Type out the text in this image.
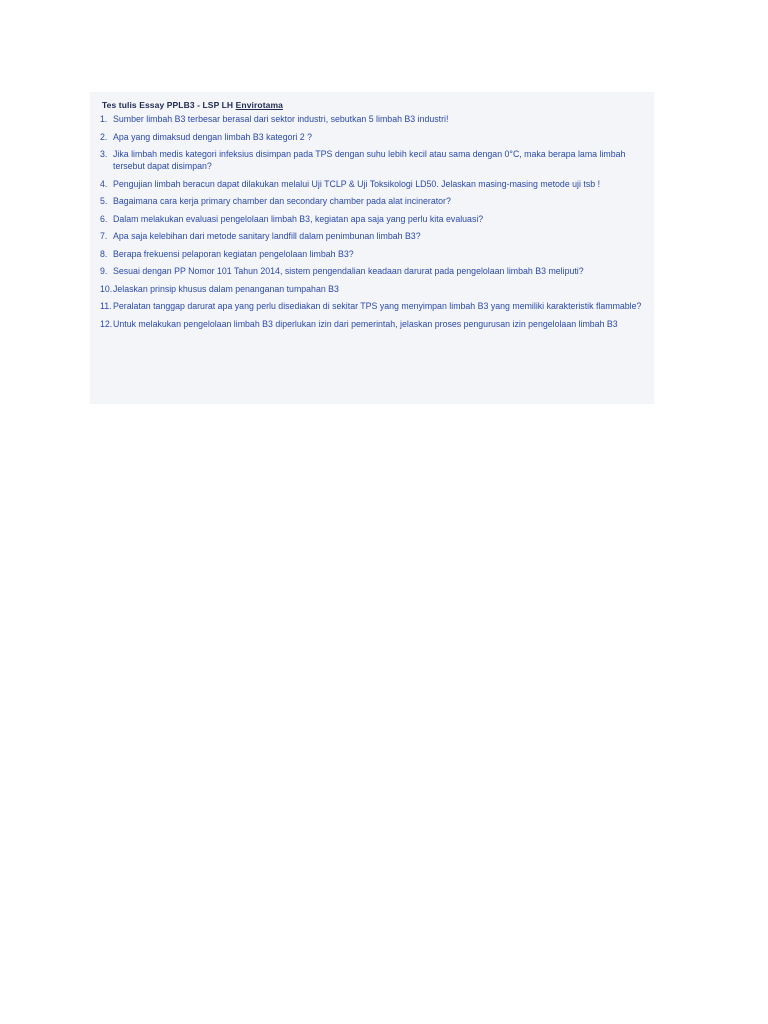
Tes tulis Essay PPLB3 - LSP LH Envirotama
1. Sumber limbah B3 terbesar berasal dari sektor industri, sebutkan 5 limbah B3 industri!
2. Apa yang dimaksud dengan limbah B3 kategori 2 ?
3. Jika limbah medis kategori infeksius disimpan pada TPS dengan suhu lebih kecil atau sama dengan 0°C, maka berapa lama limbah tersebut dapat disimpan?
4. Pengujian limbah beracun dapat dilakukan melalui Uji TCLP & Uji Toksikologi LD50. Jelaskan masing-masing metode uji tsb !
5. Bagaimana cara kerja primary chamber dan secondary chamber pada alat incinerator?
6. Dalam melakukan evaluasi pengelolaan limbah B3, kegiatan apa saja yang perlu kita evaluasi?
7. Apa saja kelebihan dari metode sanitary landfill dalam penimbunan limbah B3?
8. Berapa frekuensi pelaporan kegiatan pengelolaan limbah B3?
9. Sesuai dengan PP Nomor 101 Tahun 2014, sistem pengendalian keadaan darurat pada pengelolaan limbah B3 meliputi?
10. Jelaskan prinsip khusus dalam penanganan tumpahan B3
11. Peralatan tanggap darurat apa yang perlu disediakan di sekitar TPS yang menyimpan limbah B3 yang memiliki karakteristik flammable?
12. Untuk melakukan pengelolaan limbah B3 diperlukan izin dari pemerintah, jelaskan proses pengurusan izin pengelolaan limbah B3
